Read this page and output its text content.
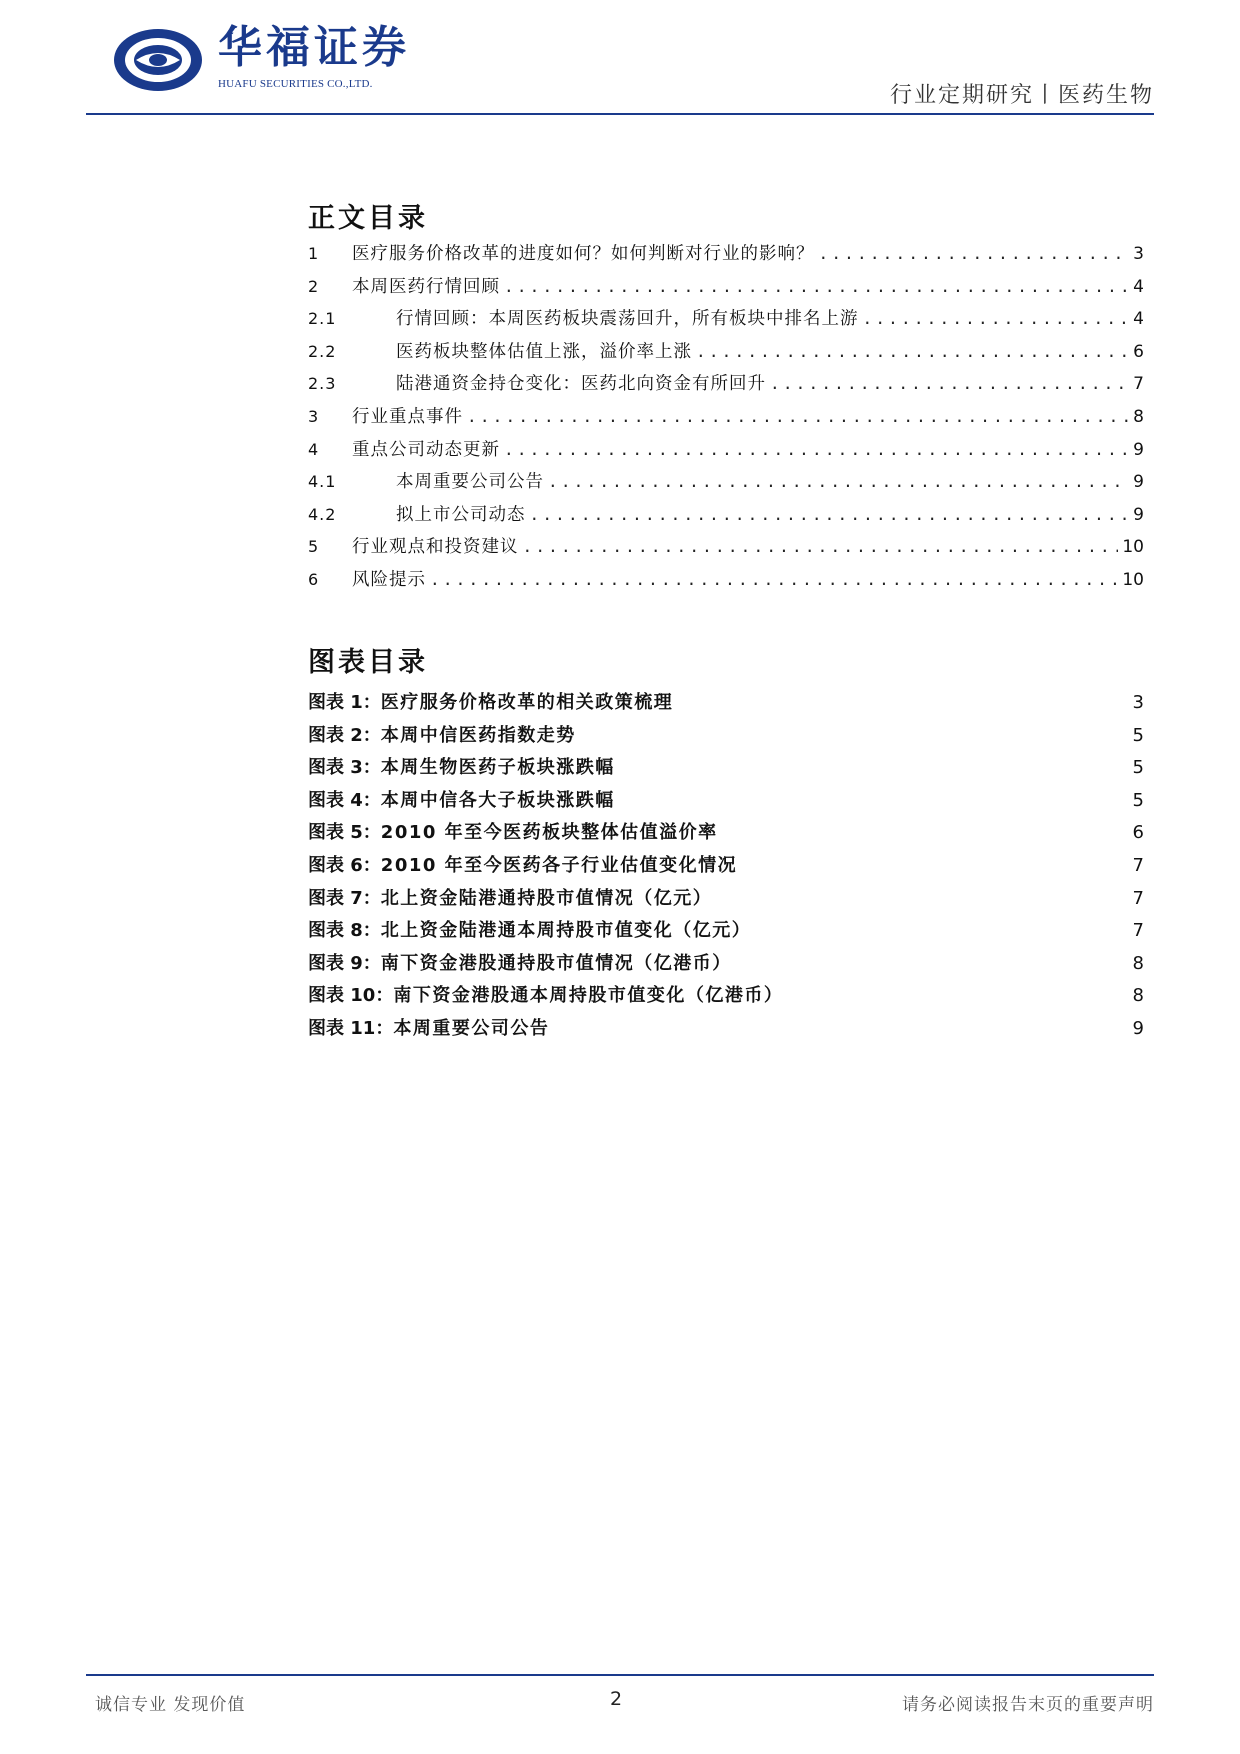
华福证券
HUAFU SECURITIES CO.,LTD.	行业定期研究丨医药生物
正文目录
1	医疗服务价格改革的进度如何？如何判断对行业的影响？ .....	3
2	本周医药行情回顾 .....	4
2.1	行情回顾：本周医药板块震荡回升，所有板块中排名上游 .....	4
2.2	医药板块整体估值上涨，溢价率上涨 .....	6
2.3	陆港通资金持仓变化：医药北向资金有所回升 .....	7
3	行业重点事件 .....	8
4	重点公司动态更新 .....	9
4.1	本周重要公司公告 .....	9
4.2	拟上市公司动态 .....	9
5	行业观点和投资建议 .....	10
6	风险提示 .....	10
图表目录
图表 1： 医疗服务价格改革的相关政策梳理	3
图表 2： 本周中信医药指数走势	5
图表 3： 本周生物医药子板块涨跌幅	5
图表 4： 本周中信各大子板块涨跌幅	5
图表 5： 2010 年至今医药板块整体估值溢价率	6
图表 6： 2010 年至今医药各子行业估值变化情况	7
图表 7： 北上资金陆港通持股市值情况（亿元）	7
图表 8： 北上资金陆港通本周持股市值变化（亿元）	7
图表 9： 南下资金港股通持股市值情况（亿港币）	8
图表 10： 南下资金港股通本周持股市值变化（亿港币）	8
图表 11： 本周重要公司公告	9
诚信专业 发现价值	2	请务必阅读报告末页的重要声明
